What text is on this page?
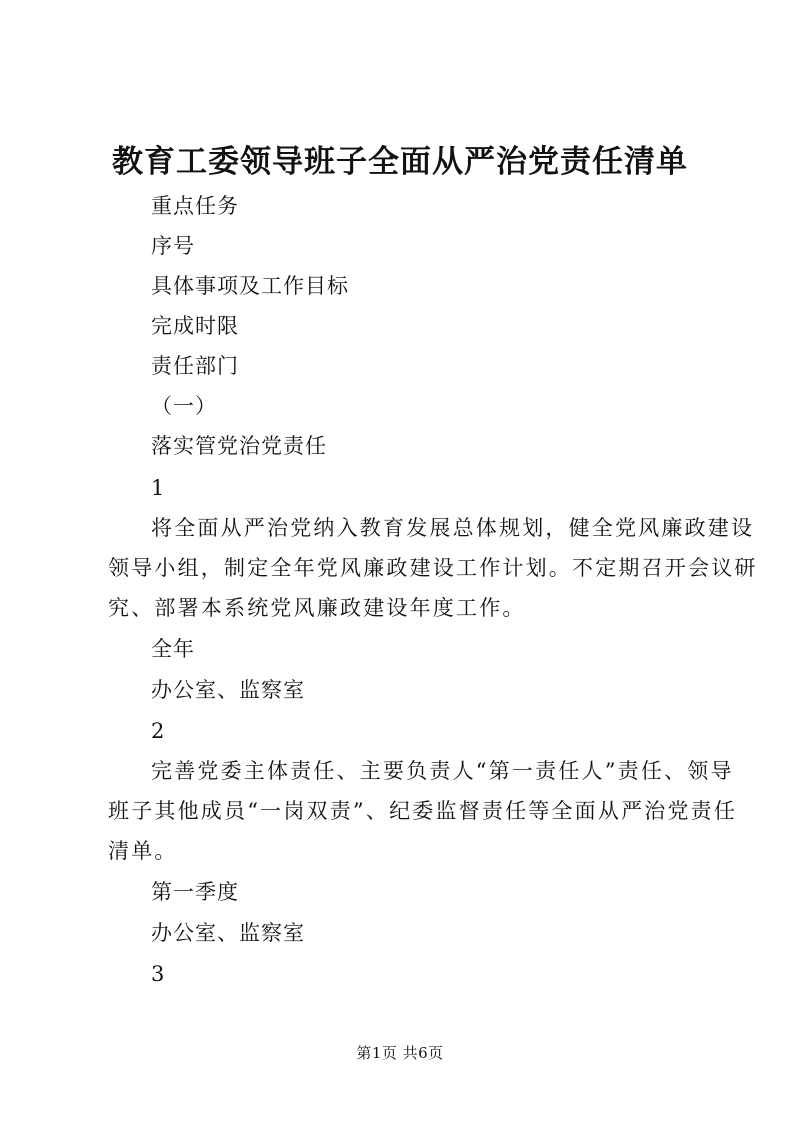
教育工委领导班子全面从严治党责任清单

重点任务

序号

具体事项及工作目标

完成时限

责任部门

（一）

落实管党治党责任

1

将全面从严治党纳入教育发展总体规划，健全党风廉政建设
领导小组，制定全年党风廉政建设工作计划。不定期召开会议研
究、部署本系统党风廉政建设年度工作。

全年

办公室、监察室

2

完善党委主体责任、主要负责人“第一责任人”责任、领导
班子其他成员“一岗双责”、纪委监督责任等全面从严治党责任
清单。

第一季度

办公室、监察室

3

第1页 共6页
